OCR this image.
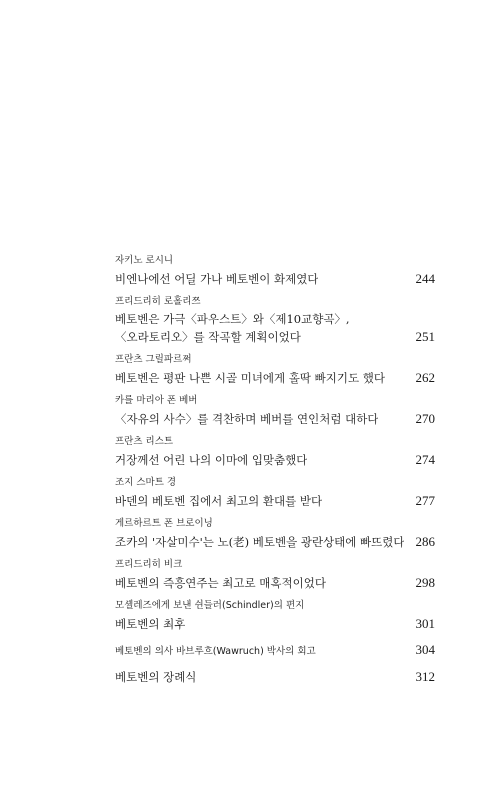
자키노 로시니
비엔나에선 어딜 가나 베토벤이 화제였다	244
프리드리히 로홀리쯔
베토벤은 가극〈파우스트〉와〈제10교향곡〉,
〈오라토리오〉를 작곡할 계획이었다	251
프란츠 그릴파르쩌
베토벤은 평판 나쁜 시골 미녀에게 홀딱 빠지기도 했다	262
카를 마리아 폰 베버
〈자유의 사수〉를 격찬하며 베버를 연인처럼 대하다	270
프란츠 리스트
거장께선 어린 나의 이마에 입맞춤했다	274
조지 스마트 경
바덴의 베토벤 집에서 최고의 환대를 받다	277
게르하르트 폰 브로이닝
조카의 '자살미수'는 노(老) 베토벤을 광란상태에 빠뜨렸다 286
프리드리히 비크
베토벤의 즉흥연주는 최고로 매혹적이었다	298
모셸레즈에게 보낸 쉰들러(Schindler)의 편지
베토벤의 최후	301
베토벤의 의사 바브루흐(Wawruch) 박사의 회고	304
베토벤의 장례식	312
